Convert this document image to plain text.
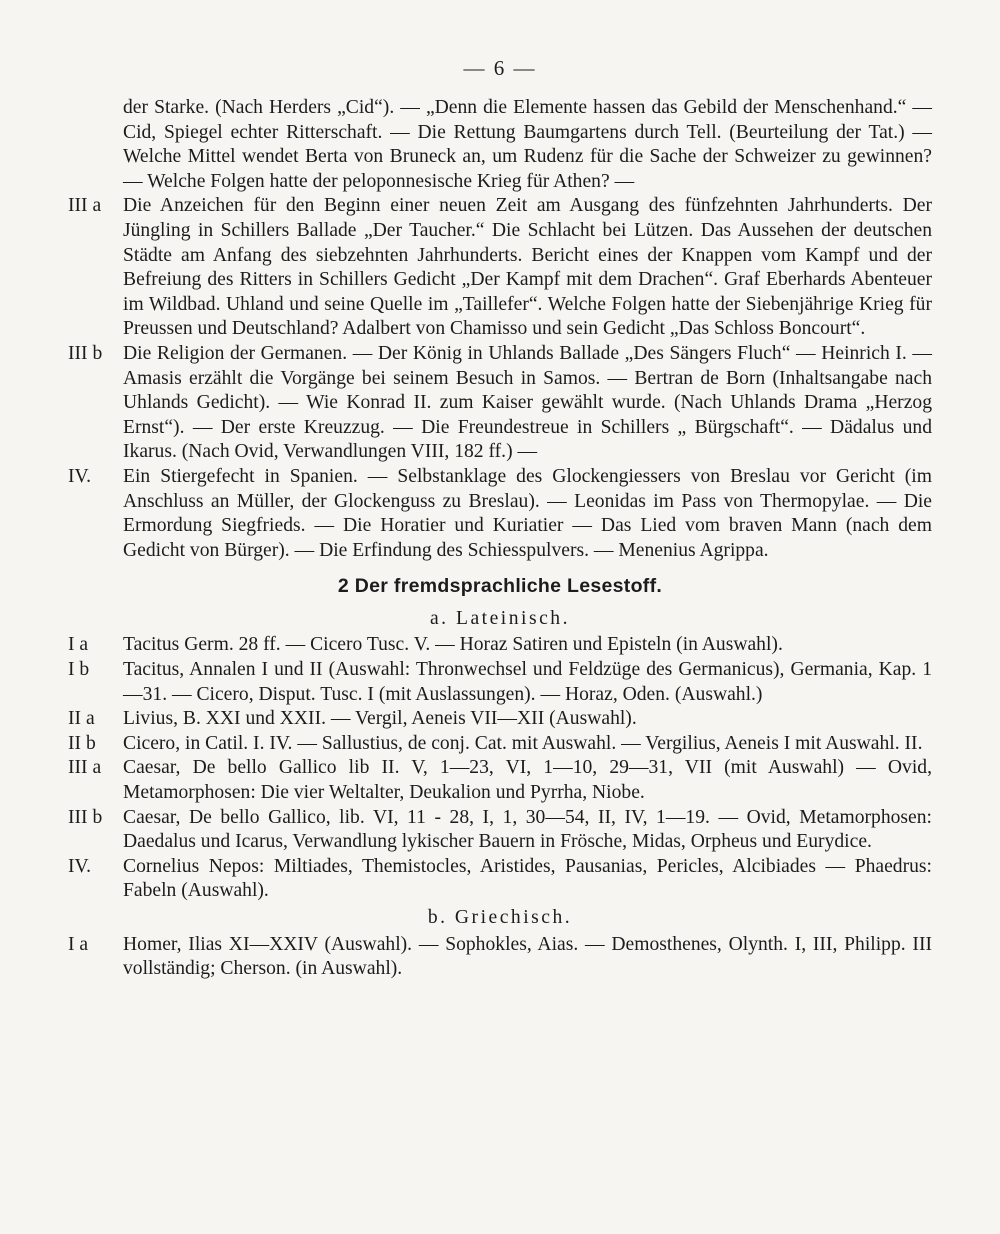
— 6 —
der Starke. (Nach Herders „Cid“). — „Denn die Elemente hassen das Gebild der Menschenhand.“ — Cid, Spiegel echter Ritterschaft. — Die Rettung Baumgartens durch Tell. (Beurteilung der Tat.) — Welche Mittel wendet Berta von Bruneck an, um Rudenz für die Sache der Schweizer zu gewinnen? — Welche Folgen hatte der peloponnesische Krieg für Athen? —
III a	Die Anzeichen für den Beginn einer neuen Zeit am Ausgang des fünfzehnten Jahrhunderts. Der Jüngling in Schillers Ballade „Der Taucher.“ Die Schlacht bei Lützen. Das Aussehen der deutschen Städte am Anfang des siebzehnten Jahrhunderts. Bericht eines der Knappen vom Kampf und der Befreiung des Ritters in Schillers Gedicht „Der Kampf mit dem Drachen“. Graf Eberhards Abenteuer im Wildbad. Uhland und seine Quelle im „Taillefer“. Welche Folgen hatte der Siebenjährige Krieg für Preussen und Deutschland? Adalbert von Chamisso und sein Gedicht „Das Schloss Boncourt“.
III b	Die Religion der Germanen. — Der König in Uhlands Ballade „Des Sängers Fluch“ — Heinrich I. — Amasis erzählt die Vorgänge bei seinem Besuch in Samos. — Bertran de Born (Inhaltsangabe nach Uhlands Gedicht). — Wie Konrad II. zum Kaiser gewählt wurde. (Nach Uhlands Drama „Herzog Ernst“). — Der erste Kreuzzug. — Die Freundestreue in Schillers „ Bürgschaft“. — Dädalus und Ikarus. (Nach Ovid, Verwandlungen VIII, 182 ff.) —
IV.	Ein Stiergefecht in Spanien. — Selbstanklage des Glockengiessers von Breslau vor Gericht (im Anschluss an Müller, der Glockenguss zu Breslau). — Leonidas im Pass von Thermopylae. — Die Ermordung Siegfrieds. — Die Horatier und Kuriatier — Das Lied vom braven Mann (nach dem Gedicht von Bürger). — Die Erfindung des Schiesspulvers. — Menenius Agrippa.
2 Der fremdsprachliche Lesestoff.
a. Lateinisch.
I a	Tacitus Germ. 28 ff. — Cicero Tusc. V. — Horaz Satiren und Episteln (in Auswahl).
I b	Tacitus, Annalen I und II (Auswahl: Thronwechsel und Feldzüge des Germanicus), Germania, Kap. 1—31. — Cicero, Disput. Tusc. I (mit Auslassungen). — Horaz, Oden. (Auswahl.)
II a	Livius, B. XXI und XXII. — Vergil, Aeneis VII—XII (Auswahl).
II b	Cicero, in Catil. I. IV. — Sallustius, de conj. Cat. mit Auswahl. — Vergilius, Aeneis I mit Auswahl. II.
III a	Caesar, De bello Gallico lib II. V, 1—23, VI, 1—10, 29—31, VII (mit Auswahl) — Ovid, Metamorphosen: Die vier Weltalter, Deukalion und Pyrrha, Niobe.
III b	Caesar, De bello Gallico, lib. VI, 11 - 28, I, 1, 30—54, II, IV, 1—19. — Ovid, Metamorphosen: Daedalus und Icarus, Verwandlung lykischer Bauern in Frösche, Midas, Orpheus und Eurydice.
IV.	Cornelius Nepos: Miltiades, Themistocles, Aristides, Pausanias, Pericles, Alcibiades — Phaedrus: Fabeln (Auswahl).
b. Griechisch.
I a	Homer, Ilias XI—XXIV (Auswahl). — Sophokles, Aias. — Demosthenes, Olynth. I, III, Philipp. III vollständig; Cherson. (in Auswahl).
